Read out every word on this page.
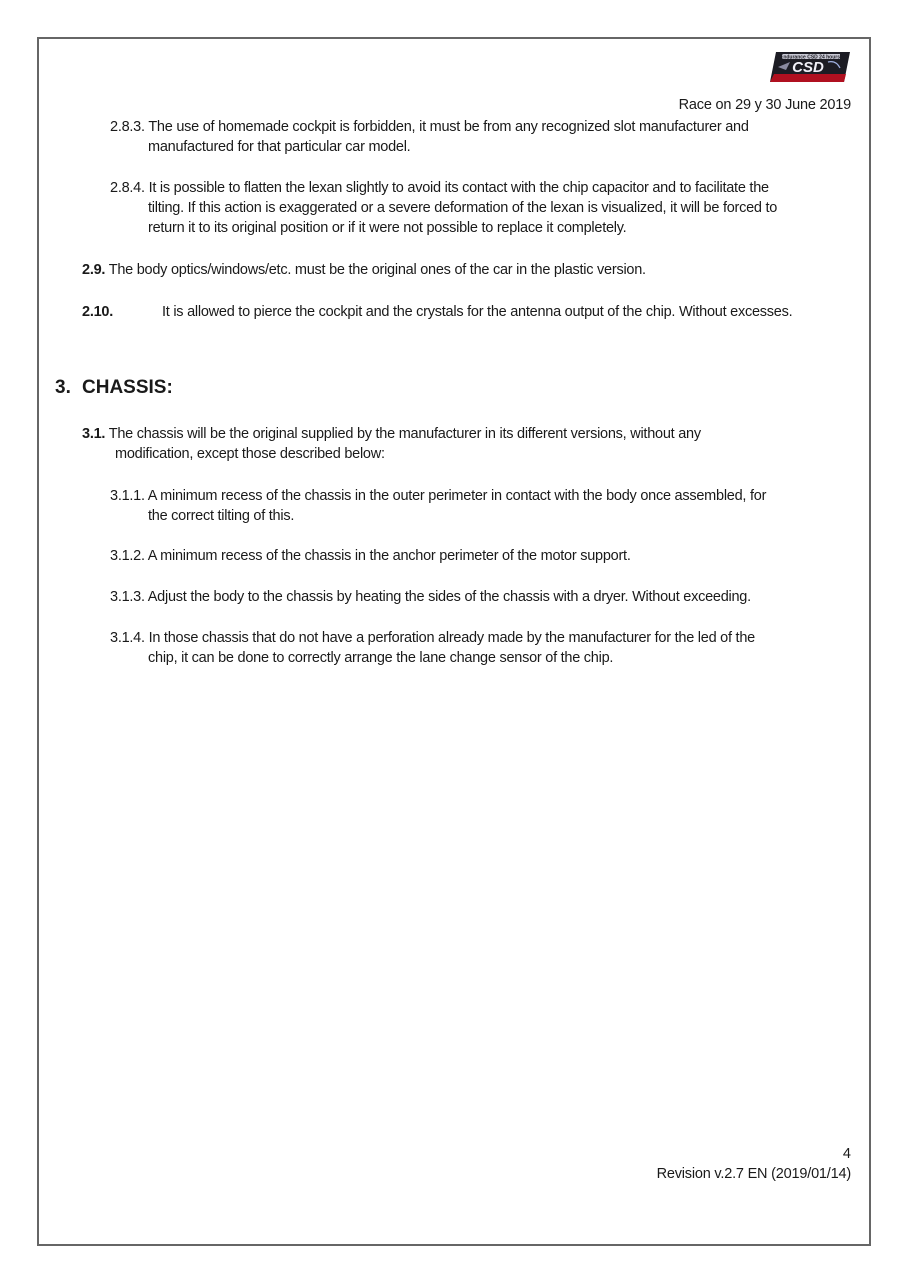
Endurance CSD 24 hours
CSD
Race on 29 y 30 June 2019
2.8.3. The use of homemade cockpit is forbidden, it must be from any recognized slot manufacturer and
manufactured for that particular car model.
2.8.4. It is possible to flatten the lexan slightly to avoid its contact with the chip capacitor and to facilitate the
tilting. If this action is exaggerated or a severe deformation of the lexan is visualized, it will be forced to
return it to its original position or if it were not possible to replace it completely.
2.9. The body optics/windows/etc. must be the original ones of the car in the plastic version.
2.10.	It is allowed to pierce the cockpit and the crystals for the antenna output of the chip. Without excesses.
3. CHASSIS:
3.1. The chassis will be the original supplied by the manufacturer in its different versions, without any
modification, except those described below:
3.1.1. A minimum recess of the chassis in the outer perimeter in contact with the body once assembled, for
the correct tilting of this.
3.1.2. A minimum recess of the chassis in the anchor perimeter of the motor support.
3.1.3. Adjust the body to the chassis by heating the sides of the chassis with a dryer. Without exceeding.
3.1.4. In those chassis that do not have a perforation already made by the manufacturer for the led of the
chip, it can be done to correctly arrange the lane change sensor of the chip.
4
Revision v.2.7 EN (2019/01/14)
